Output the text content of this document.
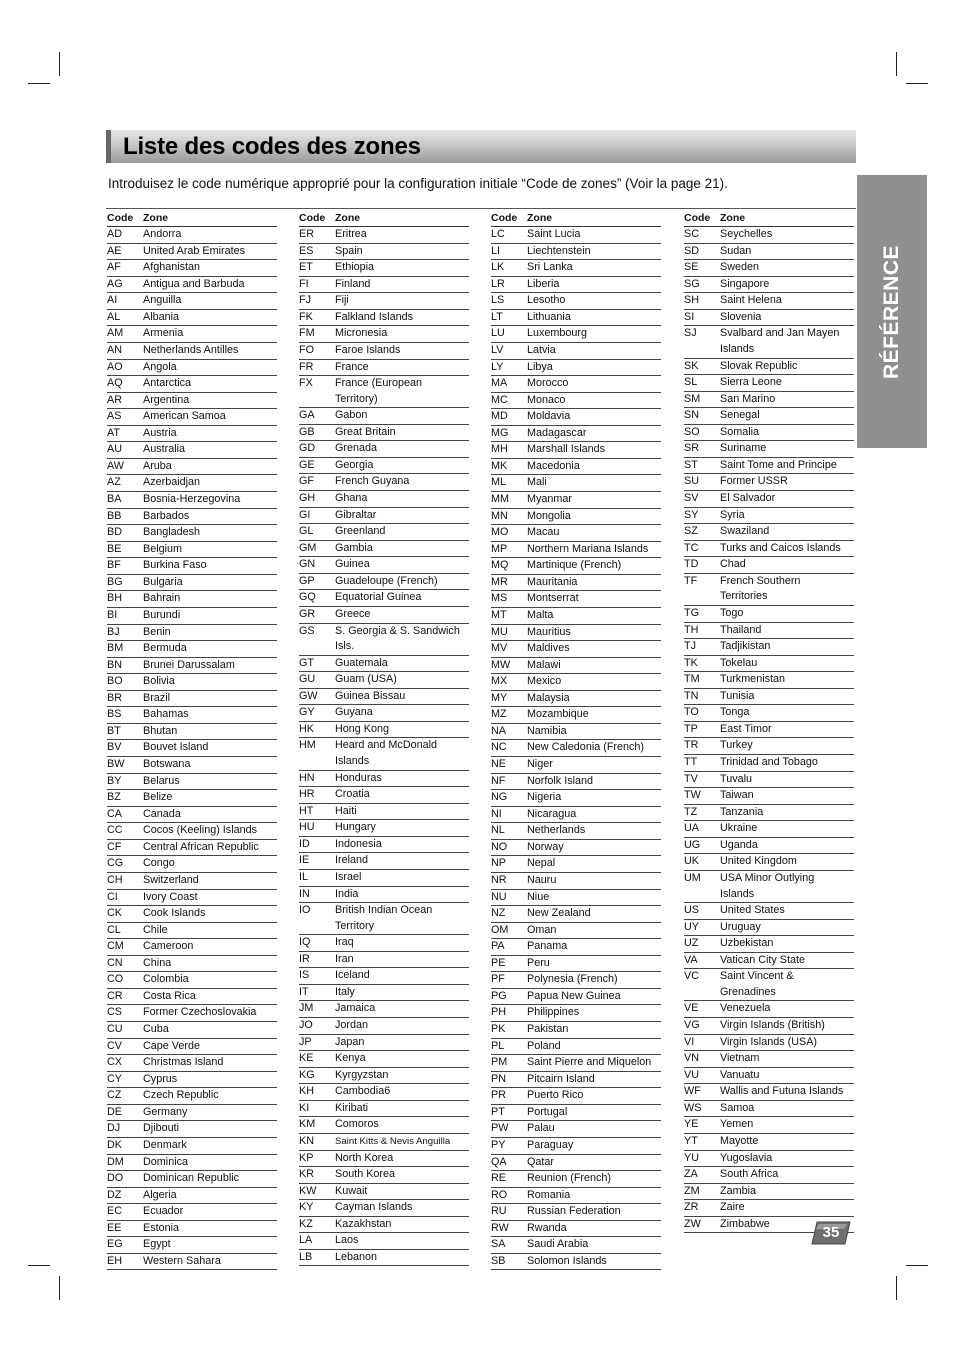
Liste des codes des zones
Introduisez le code numérique approprié pour la configuration initiale “Code de zones” (Voir la page 21).
Code Zone
AD	Andorra
AE	United Arab Emirates
AF	Afghanistan
AG	Antigua and Barbuda
AI	Anguilla
AL	Albania
AM	Armenia
AN	Netherlands Antilles
AO	Angola
AQ	Antarctica
AR	Argentina
AS	American Samoa
AT	Austria
AU	Australia
AW	Aruba
AZ	Azerbaidjan
BA	Bosnia-Herzegovina
BB	Barbados
BD	Bangladesh
BE	Belgium
BF	Burkina Faso
BG	Bulgaria
BH	Bahrain
BI	Burundi
BJ	Benin
BM	Bermuda
BN	Brunei Darussalam
BO	Bolivia
BR	Brazil
BS	Bahamas
BT	Bhutan
BV	Bouvet Island
BW	Botswana
BY	Belarus
BZ	Belize
CA	Canada
CC	Cocos (Keeling) Islands
CF	Central African Republic
CG	Congo
CH	Switzerland
CI	Ivory Coast
CK	Cook Islands
CL	Chile
CM	Cameroon
CN	China
CO	Colombia
CR	Costa Rica
CS	Former Czechoslovakia
CU	Cuba
CV	Cape Verde
CX	Christmas Island
CY	Cyprus
CZ	Czech Republic
DE	Germany
DJ	Djibouti
DK	Denmark
DM	Dominica
DO	Dominican Republic
DZ	Algeria
EC	Ecuador
EE	Estonia
EG	Egypt
EH	Western Sahara
Code Zone
ER	Eritrea
ES	Spain
ET	Ethiopia
FI	Finland
FJ	Fiji
FK	Falkland Islands
FM	Micronesia
FO	Faroe Islands
FR	France
FX	France (European
Territory)
GA	Gabon
GB	Great Britain
GD	Grenada
GE	Georgia
GF	French Guyana
GH	Ghana
GI	Gibraltar
GL	Greenland
GM	Gambia
GN	Guinea
GP	Guadeloupe (French)
GQ	Equatorial Guinea
GR	Greece
GS	S. Georgia & S. Sandwich
Isls.
GT	Guatemala
GU	Guam (USA)
GW	Guinea Bissau
GY	Guyana
HK	Hong Kong
HM	Heard and McDonald
Islands
HN	Honduras
HR	Croatia
HT	Haiti
HU	Hungary
ID	Indonesia
IE	Ireland
IL	Israel
IN	India
IO	British Indian Ocean
Territory
IQ	Iraq
IR	Iran
IS	Iceland
IT	Italy
JM	Jamaica
JO	Jordan
JP	Japan
KE	Kenya
KG	Kyrgyzstan
KH	Cambodia6
KI	Kiribati
KM	Comoros
KN	Saint Kitts & Nevis Anguilla
KP	North Korea
KR	South Korea
KW	Kuwait
KY	Cayman Islands
KZ	Kazakhstan
LA	Laos
LB	Lebanon
Code Zone
LC	Saint Lucia
LI	Liechtenstein
LK	Sri Lanka
LR	Liberia
LS	Lesotho
LT	Lithuania
LU	Luxembourg
LV	Latvia
LY	Libya
MA	Morocco
MC	Monaco
MD	Moldavia
MG	Madagascar
MH	Marshall Islands
MK	Macedonia
ML	Mali
MM	Myanmar
MN	Mongolia
MO	Macau
MP	Northern Mariana Islands
MQ	Martinique (French)
MR	Mauritania
MS	Montserrat
MT	Malta
MU	Mauritius
MV	Maldives
MW	Malawi
MX	Mexico
MY	Malaysia
MZ	Mozambique
NA	Namibia
NC	New Caledonia (French)
NE	Niger
NF	Norfolk Island
NG	Nigeria
NI	Nicaragua
NL	Netherlands
NO	Norway
NP	Nepal
NR	Nauru
NU	Niue
NZ	New Zealand
OM	Oman
PA	Panama
PE	Peru
PF	Polynesia (French)
PG	Papua New Guinea
PH	Philippines
PK	Pakistan
PL	Poland
PM	Saint Pierre and Miquelon
PN	Pitcairn Island
PR	Puerto Rico
PT	Portugal
PW	Palau
PY	Paraguay
QA	Qatar
RE	Reunion (French)
RO	Romania
RU	Russian Federation
RW	Rwanda
SA	Saudi Arabia
SB	Solomon Islands
Code Zone
SC	Seychelles
SD	Sudan
SE	Sweden
SG	Singapore
SH	Saint Helena
SI	Slovenia
SJ	Svalbard and Jan Mayen
Islands
SK	Slovak Republic
SL	Sierra Leone
SM	San Marino
SN	Senegal
SO	Somalia
SR	Suriname
ST	Saint Tome and Principe
SU	Former USSR
SV	El Salvador
SY	Syria
SZ	Swaziland
TC	Turks and Caicos Islands
TD	Chad
TF	French Southern
Territories
TG	Togo
TH	Thailand
TJ	Tadjikistan
TK	Tokelau
TM	Turkmenistan
TN	Tunisia
TO	Tonga
TP	East Timor
TR	Turkey
TT	Trinidad and Tobago
TV	Tuvalu
TW	Taiwan
TZ	Tanzania
UA	Ukraine
UG	Uganda
UK	United Kingdom
UM	USA Minor Outlying
Islands
US	United States
UY	Uruguay
UZ	Uzbekistan
VA	Vatican City State
VC	Saint Vincent &
Grenadines
VE	Venezuela
VG	Virgin Islands (British)
VI	Virgin Islands (USA)
VN	Vietnam
VU	Vanuatu
WF	Wallis and Futuna Islands
WS	Samoa
YE	Yemen
YT	Mayotte
YU	Yugoslavia
ZA	South Africa
ZM	Zambia
ZR	Zaire
ZW	Zimbabwe
RÉFÉRENCE
35
